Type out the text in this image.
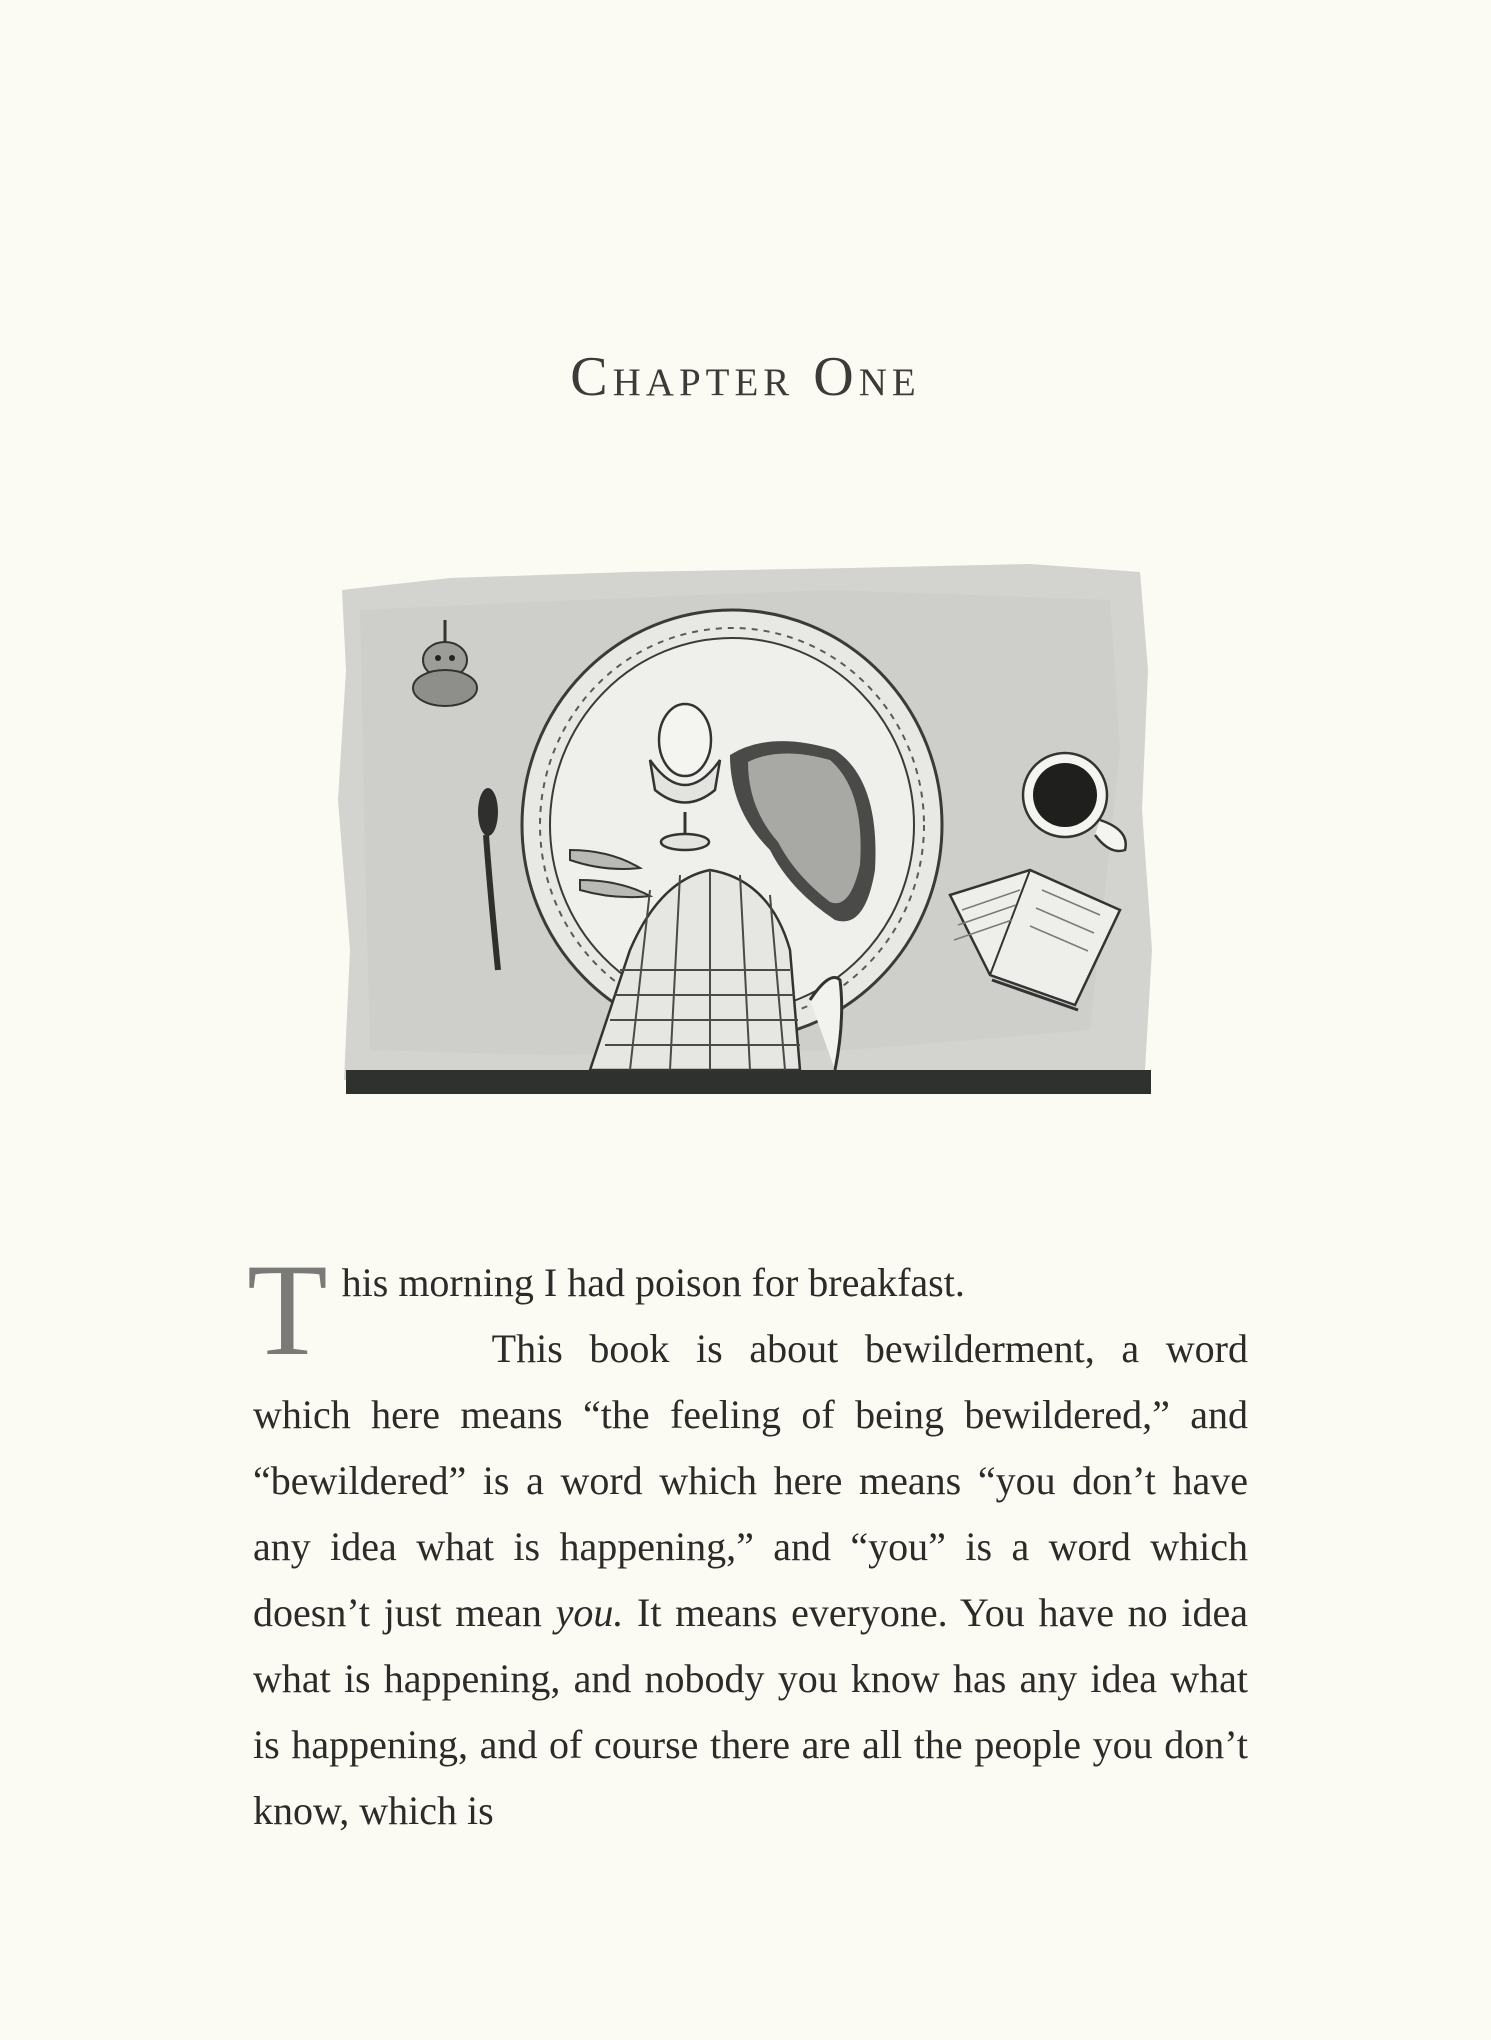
Chapter One
T his morning I had poison for breakfast.
This book is about bewilderment, a word which here means “the feeling of being bewildered,” and “bewildered” is a word which here means “you don’t have any idea what is happening,” and “you” is a word which doesn’t just mean you. It means everyone. You have no idea what is happening, and nobody you know has any idea what is happening, and of course there are all the people you don’t know, which is
